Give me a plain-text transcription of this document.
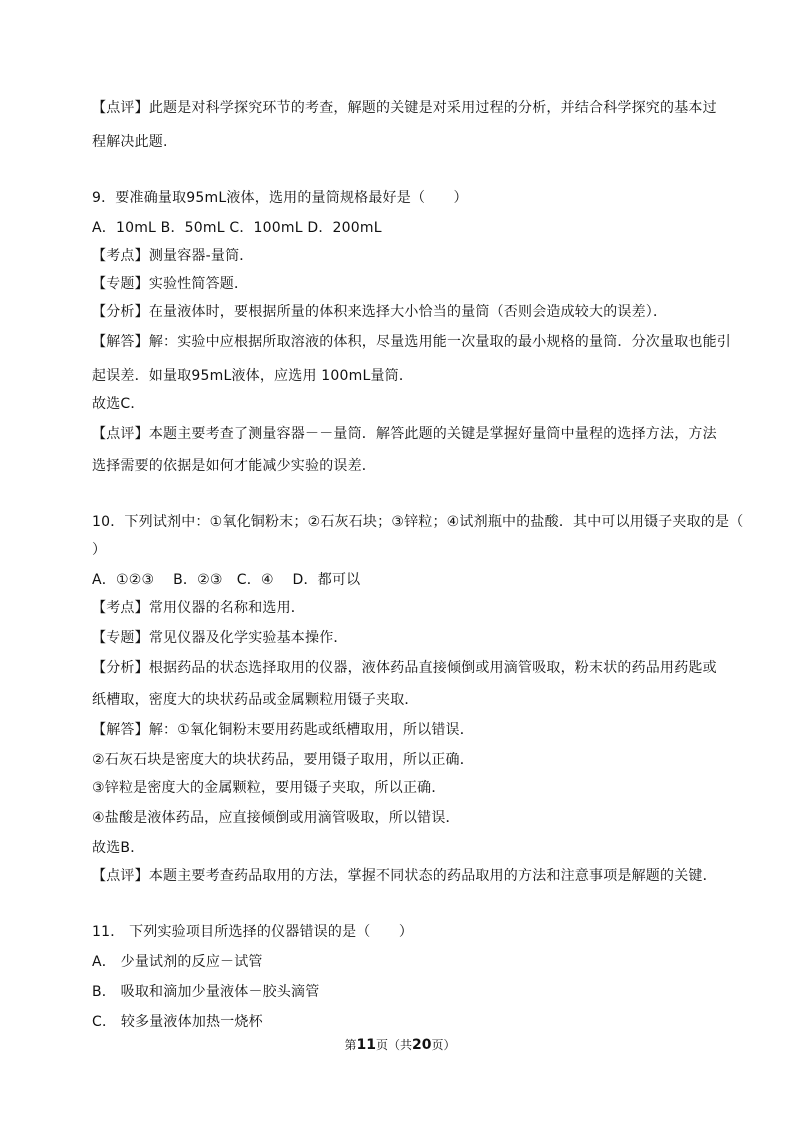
【点评】此题是对科学探究环节的考查，解题的关键是对采用过程的分析，并结合科学探究的基本过
程解决此题.
9．要准确量取95mL液体，选用的量筒规格最好是（　　）
A．10mL B．50mL C．100mL D．200mL
【考点】测量容器-量筒．
【专题】实验性简答题．
【分析】在量液体时，要根据所量的体积来选择大小恰当的量筒（否则会造成较大的误差）．
【解答】解：实验中应根据所取溶液的体积，尽量选用能一次量取的最小规格的量筒．分次量取也能引
起误差．如量取95mL液体，应选用 100mL量筒．
故选C．
【点评】本题主要考查了测量容器－－量筒．解答此题的关键是掌握好量筒中量程的选择方法，方法
选择需要的依据是如何才能减少实验的误差．
10．下列试剂中：①氧化铜粉末；②石灰石块；③锌粒；④试剂瓶中的盐酸．其中可以用镊子夹取的是（
）
A．①②③　 B．②③　C．④　 D．都可以
【考点】常用仪器的名称和选用．
【专题】常见仪器及化学实验基本操作．
【分析】根据药品的状态选择取用的仪器，液体药品直接倾倒或用滴管吸取，粉末状的药品用药匙或
纸槽取，密度大的块状药品或金属颗粒用镊子夹取．
【解答】解：①氧化铜粉末要用药匙或纸槽取用，所以错误．
②石灰石块是密度大的块状药品，要用镊子取用，所以正确．
③锌粒是密度大的金属颗粒，要用镊子夹取，所以正确．
④盐酸是液体药品，应直接倾倒或用滴管吸取，所以错误．
故选B．
【点评】本题主要考查药品取用的方法，掌握不同状态的药品取用的方法和注意事项是解题的关键．
11． 下列实验项目所选择的仪器错误的是（　　）
A． 少量试剂的反应－试管
B． 吸取和滴加少量液体－胶头滴管
C． 较多量液体加热一烧杯
第11页（共20页）
